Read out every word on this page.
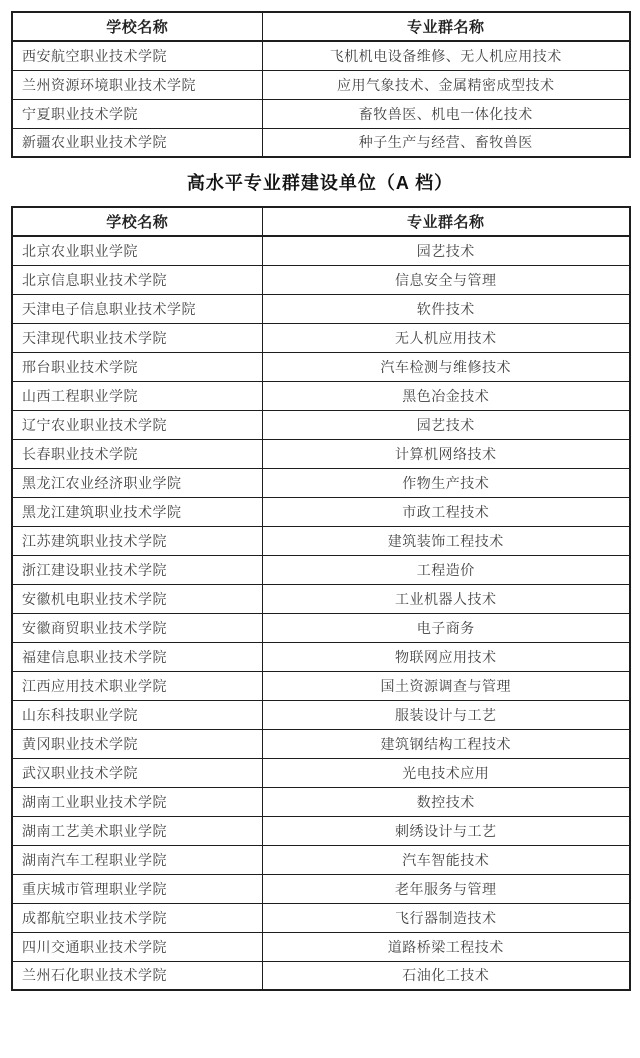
学校名称	专业群名称
西安航空职业技术学院	飞机机电设备维修、无人机应用技术
兰州资源环境职业技术学院	应用气象技术、金属精密成型技术
宁夏职业技术学院	畜牧兽医、机电一体化技术
新疆农业职业技术学院	种子生产与经营、畜牧兽医
高水平专业群建设单位（A 档）
学校名称	专业群名称
北京农业职业学院	园艺技术
北京信息职业技术学院	信息安全与管理
天津电子信息职业技术学院	软件技术
天津现代职业技术学院	无人机应用技术
邢台职业技术学院	汽车检测与维修技术
山西工程职业学院	黑色冶金技术
辽宁农业职业技术学院	园艺技术
长春职业技术学院	计算机网络技术
黑龙江农业经济职业学院	作物生产技术
黑龙江建筑职业技术学院	市政工程技术
江苏建筑职业技术学院	建筑装饰工程技术
浙江建设职业技术学院	工程造价
安徽机电职业技术学院	工业机器人技术
安徽商贸职业技术学院	电子商务
福建信息职业技术学院	物联网应用技术
江西应用技术职业学院	国土资源调查与管理
山东科技职业学院	服装设计与工艺
黄冈职业技术学院	建筑钢结构工程技术
武汉职业技术学院	光电技术应用
湖南工业职业技术学院	数控技术
湖南工艺美术职业学院	刺绣设计与工艺
湖南汽车工程职业学院	汽车智能技术
重庆城市管理职业学院	老年服务与管理
成都航空职业技术学院	飞行器制造技术
四川交通职业技术学院	道路桥梁工程技术
兰州石化职业技术学院	石油化工技术
